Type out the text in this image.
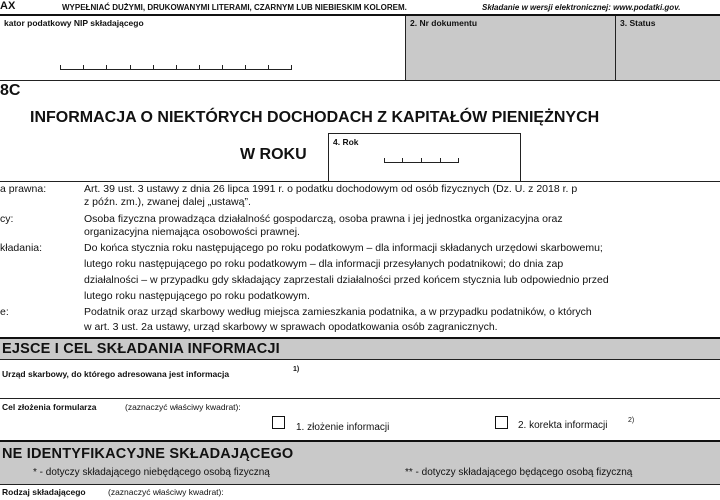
AX	WYPEŁNIAĆ DUŻYMI, DRUKOWANYMI LITERAMI, CZARNYM LUB NIEBIESKIM KOLOREM.	Składanie w wersji elektronicznej: www.podatki.gov.
kator podatkowy NIP składającego	2. Nr dokumentu	3. Status
8C
INFORMACJA O NIEKTÓRYCH DOCHODACH Z KAPITAŁÓW PIENIĘŻNYCH
W ROKU
4. Rok
a prawna:	Art. 39 ust. 3 ustawy z dnia 26 lipca 1991 r. o podatku dochodowym od osób fizycznych (Dz. U. z 2018 r. p
z późn. zm.), zwanej dalej „ustawą”.
cy:	Osoba fizyczna prowadząca działalność gospodarczą, osoba prawna i jej jednostka organizacyjna oraz
organizacyjna niemająca osobowości prawnej.
kładania:	Do końca stycznia roku następującego po roku podatkowym – dla informacji składanych urzędowi skarbowemu;
lutego roku następującego po roku podatkowym – dla informacji przesyłanych podatnikowi; do dnia zap
działalności – w przypadku gdy składający zaprzestali działalności przed końcem stycznia lub odpowiednio przed
lutego roku następującego po roku podatkowym.
e:	Podatnik oraz urząd skarbowy według miejsca zamieszkania podatnika, a w przypadku podatników, o których
w art. 3 ust. 2a ustawy, urząd skarbowy w sprawach opodatkowania osób zagranicznych.
EJSCE I CEL SKŁADANIA INFORMACJI
Urząd skarbowy, do którego adresowana jest informacja	1)
Cel złożenia formularza	(zaznaczyć właściwy kwadrat):
1. złożenie informacji	2. korekta informacji	2)
NE IDENTYFIKACYJNE SKŁADAJĄCEGO
* - dotyczy składającego niebędącego osobą fizyczną	** - dotyczy składającego będącego osobą fizyczną
Rodzaj składającego	(zaznaczyć właściwy kwadrat):
